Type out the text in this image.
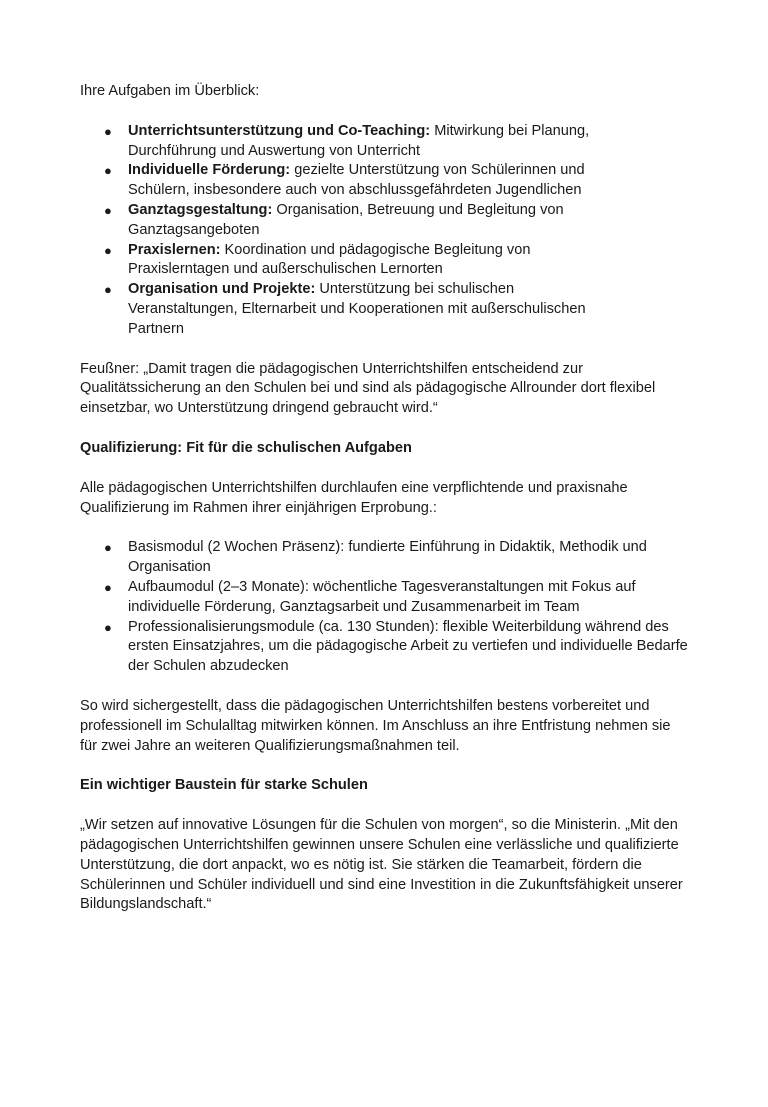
Ihre Aufgaben im Überblick:

● Unterrichtsunterstützung und Co-Teaching: Mitwirkung bei Planung, Durchführung und Auswertung von Unterricht
● Individuelle Förderung: gezielte Unterstützung von Schülerinnen und Schülern, insbesondere auch von abschlussgefährdeten Jugendlichen
● Ganztagsgestaltung: Organisation, Betreuung und Begleitung von Ganztagsangeboten
● Praxislernen: Koordination und pädagogische Begleitung von Praxislerntagen und außerschulischen Lernorten
● Organisation und Projekte: Unterstützung bei schulischen Veranstaltungen, Elternarbeit und Kooperationen mit außerschulischen Partnern

Feußner: „Damit tragen die pädagogischen Unterrichtshilfen entscheidend zur Qualitätssicherung an den Schulen bei und sind als pädagogische Allrounder dort flexibel einsetzbar, wo Unterstützung dringend gebraucht wird.“

Qualifizierung: Fit für die schulischen Aufgaben

Alle pädagogischen Unterrichtshilfen durchlaufen eine verpflichtende und praxisnahe Qualifizierung im Rahmen ihrer einjährigen Erprobung.:

● Basismodul (2 Wochen Präsenz): fundierte Einführung in Didaktik, Methodik und Organisation
● Aufbaumodul (2–3 Monate): wöchentliche Tagesveranstaltungen mit Fokus auf individuelle Förderung, Ganztagsarbeit und Zusammenarbeit im Team
● Professionalisierungsmodule (ca. 130 Stunden): flexible Weiterbildung während des ersten Einsatzjahres, um die pädagogische Arbeit zu vertiefen und individuelle Bedarfe der Schulen abzudecken

So wird sichergestellt, dass die pädagogischen Unterrichtshilfen bestens vorbereitet und professionell im Schulalltag mitwirken können. Im Anschluss an ihre Entfristung nehmen sie für zwei Jahre an weiteren Qualifizierungsmaßnahmen teil.

Ein wichtiger Baustein für starke Schulen

„Wir setzen auf innovative Lösungen für die Schulen von morgen“, so die Ministerin. „Mit den pädagogischen Unterrichtshilfen gewinnen unsere Schulen eine verlässliche und qualifizierte Unterstützung, die dort anpackt, wo es nötig ist. Sie stärken die Teamarbeit, fördern die Schülerinnen und Schüler individuell und sind eine Investition in die Zukunftsfähigkeit unserer Bildungslandschaft.“
